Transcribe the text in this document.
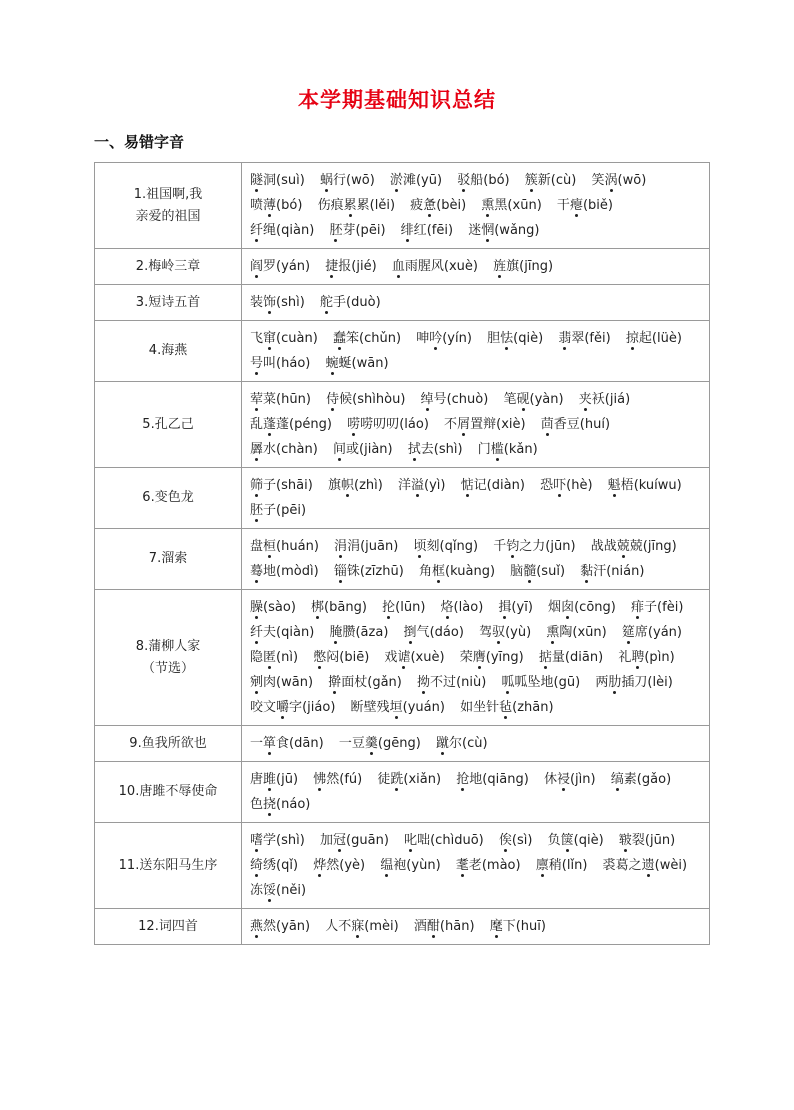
本学期基础知识总结
一、易错字音
1.祖国啊,我
亲爱的祖国	隧洞(suì) 蜗行(wō) 淤滩(yū) 驳船(bó) 簇新(cù) 笑涡(wō) 喷薄(bó) 伤痕累累(lěi) 疲惫(bèi) 熏黑(xūn) 干瘪(biě) 纤绳(qiàn) 胚芽(pēi) 绯红(fēi) 迷惘(wǎng)
2.梅岭三章	阎罗(yán) 捷报(jié) 血雨腥风(xuè) 旌旗(jīng)
3.短诗五首	装饰(shì) 舵手(duò)
4.海燕	飞窜(cuàn) 蠢笨(chǔn) 呻吟(yín) 胆怯(qiè) 翡翠(fěi) 掠起(lüè) 号叫(háo) 蜿蜒(wān)
5.孔乙己	荤菜(hūn) 侍候(shìhòu) 绰号(chuò) 笔砚(yàn) 夹袄(jiá) 乱蓬蓬(péng) 唠唠叨叨(láo) 不屑置辩(xiè) 茴香豆(huí) 羼水(chàn) 间或(jiàn) 拭去(shì) 门槛(kǎn)
6.变色龙	筛子(shāi) 旗帜(zhì) 洋溢(yì) 惦记(diàn) 恐吓(hè) 魁梧(kuíwu) 胚子(pēi)
7.溜索	盘桓(huán) 涓涓(juān) 顷刻(qǐng) 千钧之力(jūn) 战战兢兢(jīng) 蓦地(mòdì) 锱铢(zīzhū) 角框(kuàng) 脑髓(suǐ) 黏汗(nián)
8.蒲柳人家
（节选）	臊(sào) 梆(bāng) 抡(lūn) 烙(lào) 揖(yī) 烟囱(cōng) 痱子(fèi) 纤夫(qiàn) 腌臜(āza) 捯气(dáo) 驾驭(yù) 熏陶(xūn) 筵席(yán) 隐匿(nì) 憋闷(biē) 戏谑(xuè) 荣膺(yīng) 掂量(diān) 礼聘(pìn) 剜肉(wān) 擀面杖(gǎn) 拗不过(niù) 呱呱坠地(gū) 两肋插刀(lèi) 咬文嚼字(jiáo) 断壁残垣(yuán) 如坐针毡(zhān)
9.鱼我所欲也	一箪食(dān) 一豆羹(gēng) 蹴尔(cù)
10.唐雎不辱使命	唐雎(jū) 怫然(fú) 徒跣(xiǎn) 抢地(qiāng) 休祲(jìn) 缟素(gǎo) 色挠(náo)
11.送东阳马生序	嗜学(shì) 加冠(guān) 叱咄(chìduō) 俟(sì) 负箧(qiè) 皲裂(jūn) 绮绣(qǐ) 烨然(yè) 缊袍(yùn) 耄老(mào) 廪稍(lǐn) 裘葛之遗(wèi) 冻馁(něi)
12.词四首	燕然(yān) 人不寐(mèi) 酒酣(hān) 麾下(huī)
